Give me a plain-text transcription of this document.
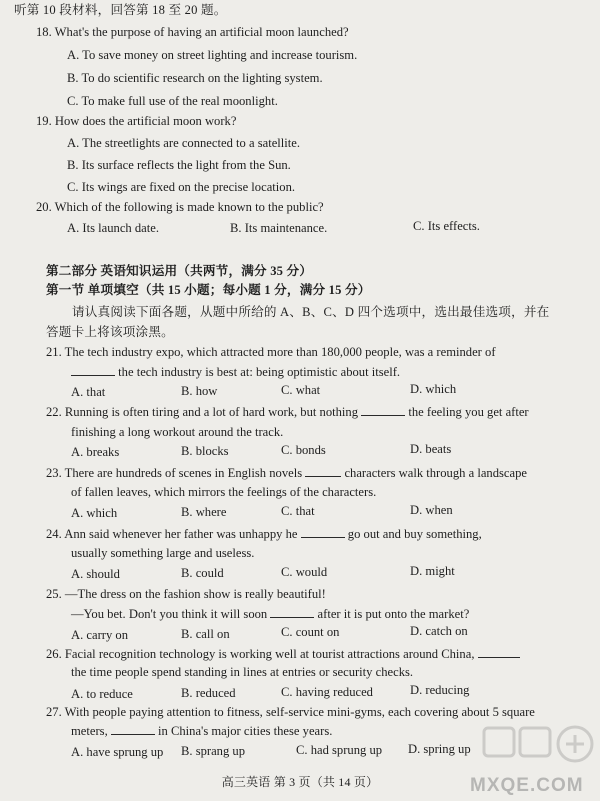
听第 10 段材料，回答第 18 至 20 题。
18. What's the purpose of having an artificial moon launched?
A. To save money on street lighting and increase tourism.
B. To do scientific research on the lighting system.
C. To make full use of the real moonlight.
19. How does the artificial moon work?
A. The streetlights are connected to a satellite.
B. Its surface reflects the light from the Sun.
C. Its wings are fixed on the precise location.
20. Which of the following is made known to the public?
A. Its launch date.	B. Its maintenance.	C. Its effects.
第二部分 英语知识运用（共两节，满分 35 分）
第一节 单项填空（共 15 小题；每小题 1 分，满分 15 分）
请认真阅读下面各题，从题中所给的 A、B、C、D 四个选项中，选出最佳选项，并在
答题卡上将该项涂黑。
21. The tech industry expo, which attracted more than 180,000 people, was a reminder of
the tech industry is best at: being optimistic about itself.
A. that	B. how	C. what	D. which
22. Running is often tiring and a lot of hard work, but nothing	the feeling you get after
finishing a long workout around the track.
A. breaks	B. blocks	C. bonds	D. beats
23. There are hundreds of scenes in English novels	characters walk through a landscape
of fallen leaves, which mirrors the feelings of the characters.
A. which	B. where	C. that	D. when
24. Ann said whenever her father was unhappy he	go out and buy something,
usually something large and useless.
A. should	B. could	C. would	D. might
25. —The dress on the fashion show is really beautiful!
—You bet. Don't you think it will soon	after it is put onto the market?
A. carry on	B. call on	C. count on	D. catch on
26. Facial recognition technology is working well at tourist attractions around China,
the time people spend standing in lines at entries or security checks.
A. to reduce	B. reduced	C. having reduced	D. reducing
27. With people paying attention to fitness, self-service mini-gyms, each covering about 5 square
meters,	in China's major cities these years.
A. have sprung up B. sprang up	C. had sprung up D. spring up
高三英语 第 3 页（共 14 页）	MXQE.COM
